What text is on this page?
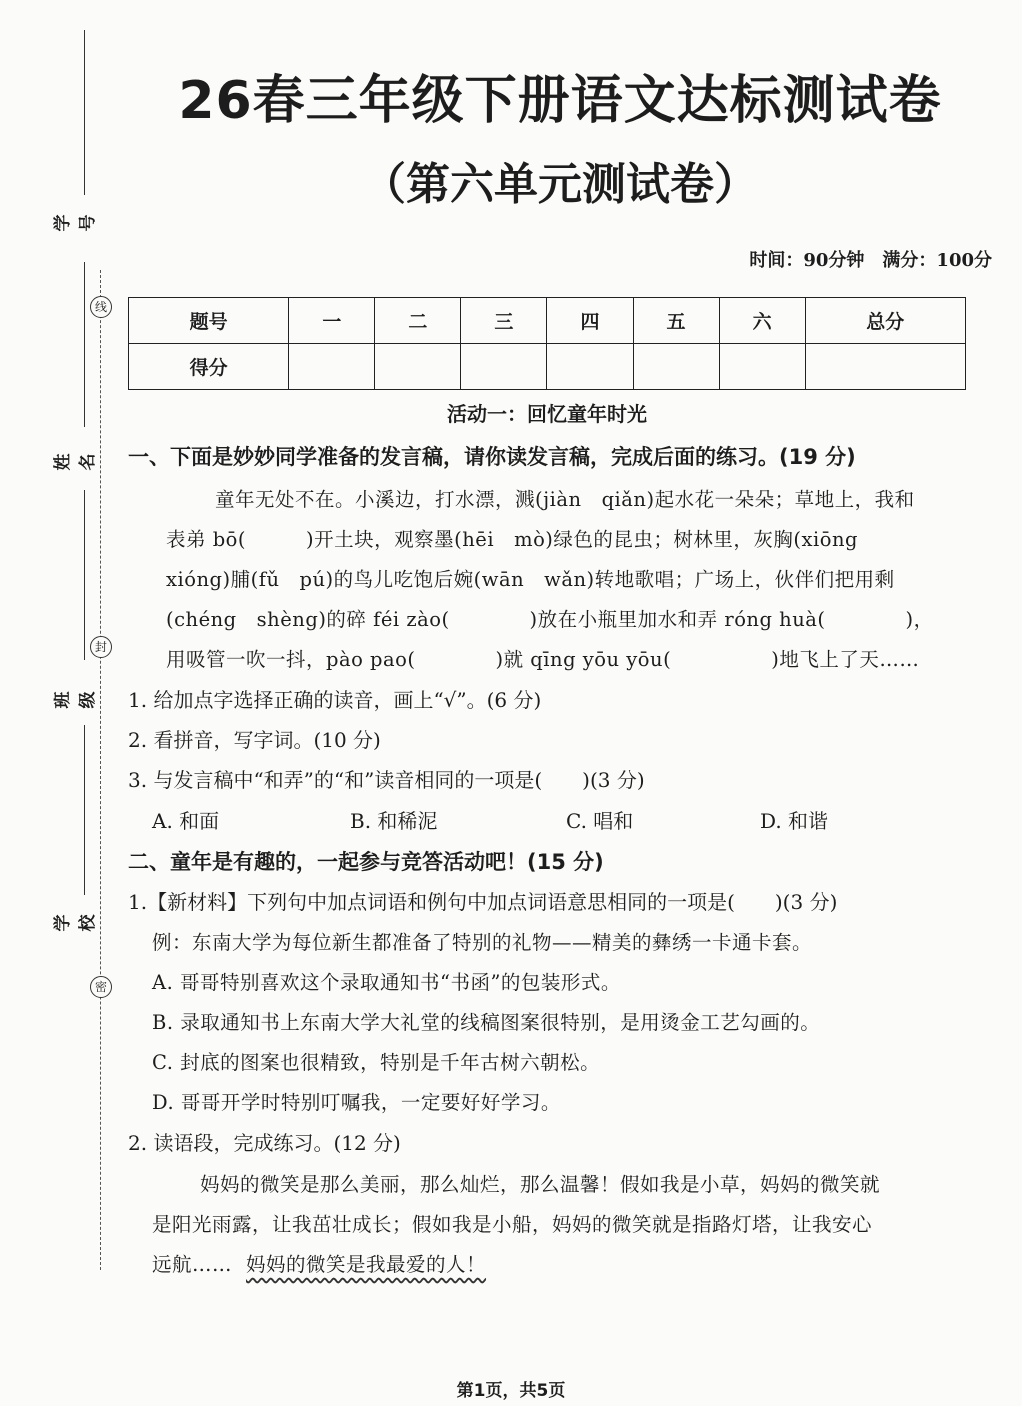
学号
线
姓名
封
班级
学校
密
26春三年级下册语文达标测试卷
（第六单元测试卷）
时间：90分钟　满分：100分
题号	一	二	三	四	五	六	总分
得分							
活动一：回忆童年时光
一、下面是妙妙同学准备的发言稿，请你读发言稿，完成后面的练习。(19 分)
童年无处不在。小溪边，打水漂，溅(jiàn　qiǎn)起水花一朵朵；草地上，我和
表弟 bō(　　　)开土块，观察墨(hēi　mò)绿色的昆虫；树林里，灰胸(xiōng
xióng)脯(fǔ　pú)的鸟儿吃饱后婉(wān　wǎn)转地歌唱；广场上，伙伴们把用剩
(chéng　shèng)的碎 féi zào(　　　　)放在小瓶里加水和弄 róng huà(　　　　)，
用吸管一吹一抖，pào pao(　　　　)就 qīng yōu yōu(　　　　　)地飞上了天……
1. 给加点字选择正确的读音，画上“√”。(6 分)
2. 看拼音，写字词。(10 分)
3. 与发言稿中“和弄”的“和”读音相同的一项是(　　)(3 分)
A. 和面	B. 和稀泥	C. 唱和	D. 和谐
二、童年是有趣的，一起参与竞答活动吧！(15 分)
1.【新材料】下列句中加点词语和例句中加点词语意思相同的一项是(　　)(3 分)
例：东南大学为每位新生都准备了特别的礼物——精美的彝绣一卡通卡套。
A. 哥哥特别喜欢这个录取通知书“书函”的包装形式。
B. 录取通知书上东南大学大礼堂的线稿图案很特别，是用烫金工艺勾画的。
C. 封底的图案也很精致，特别是千年古树六朝松。
D. 哥哥开学时特别叮嘱我，一定要好好学习。
2. 读语段，完成练习。(12 分)
妈妈的微笑是那么美丽，那么灿烂，那么温馨！假如我是小草，妈妈的微笑就
是阳光雨露，让我茁壮成长；假如我是小船，妈妈的微笑就是指路灯塔，让我安心
远航…… 妈妈的微笑是我最爱的人！
第1页，共5页
